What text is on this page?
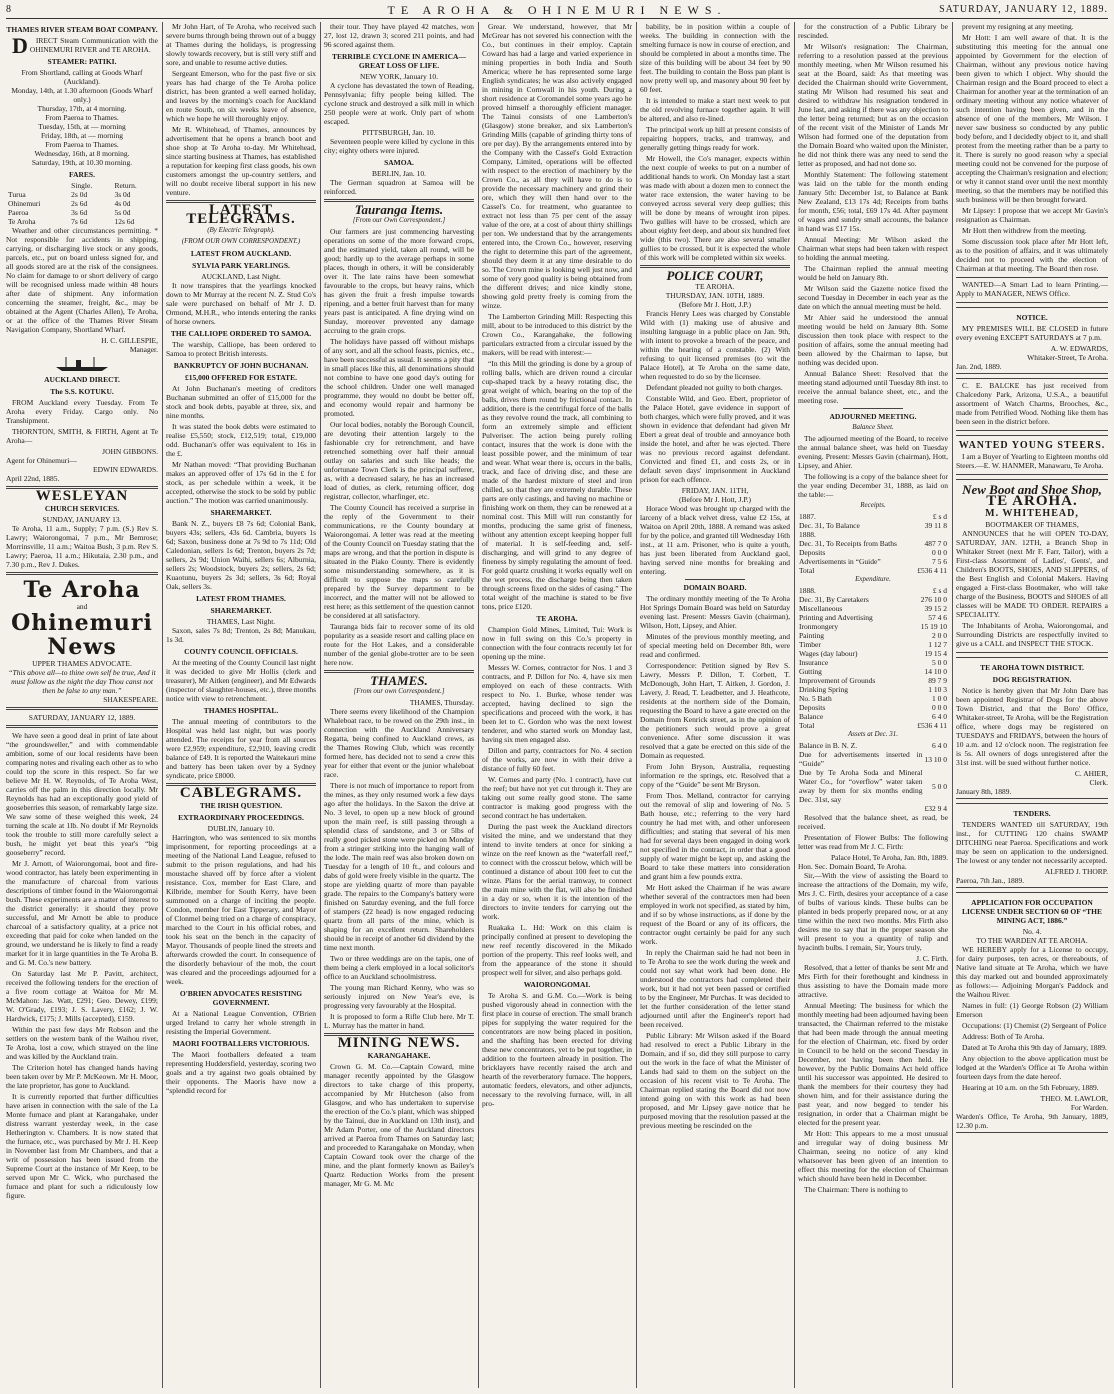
8	TE AROHA & OHINEMURI NEWS.	SATURDAY, JANUARY 12, 1889.
THAMES RIVER STEAM BOAT COMPANY.

D IRECT Steam Communication with the OHINEMURI RIVER and TE AROHA.

STEAMER: PATIKI.
From Shortland, calling at Goods Wharf (Auckland).
Monday, 14th, at 1.30 afternoon (Goods Wharf only.)
Thursday, 17th, at 4 morning.
From Paeroa to Thames.
Tuesday, 15th, at — morning
Friday, 18th, at — morning
From Paeroa to Thames.
Wednesday, 16th, at 8 morning.
Saturday, 19th, at 10.30 morning.
FARES.
	Single.	Return.
Turua	2s 0d	3s 0d
Ohinemuri	2s 6d	4s 0d
Paeroa	3s 6d	5s 0d
Te Aroha	7s 6d	12s 6d

Weather and other circumstances permitting. * Not responsible for accidents in shipping, carrying, or discharging live stock or any goods, parcels, etc., put on board unless signed for, and all goods stored are at the risk of the consignees. No claim for damage to or short delivery of cargo will be recognised unless made within 48 hours after date of shipment. Any information concerning the steamer, freight, &c., may be obtained at the Agent (Charles Allen), Te Aroha, or at the office of the Thames River Steam Navigation Company, Shortland Wharf.

H. C. GILLESPIE,
Manager.
AUCKLAND DIRECT.
The S.S. KOTUKU.

FROM Auckland every Tuesday. From Te Aroha every Friday. Cargo only. No Transhipment.

THORNTON, SMITH, & FIRTH, Agent at Te Aroha—

JOHN GIBBONS.
Agent for Ohinemuri—
EDWIN EDWARDS.
April 22nd, 1885.
WESLEYAN
CHURCH SERVICES.
SUNDAY, JANUARY 13.

Te Aroha, 11 a.m., Supply; 7 p.m. (S.) Rev S. Lawry; Waiorongomai, 7 p.m., Mr Bemrose; Morrinsville, 11 a.m.; Waitoa Bush, 3 p.m. Rev S. Lawry; Paeroa, 11 a.m.; Hikutaia, 2.30 p.m., and 7.30 p.m., Rev J. Dukes.

Te Aroha
and
Ohinemuri News
UPPER THAMES ADVOCATE.
“This above all—to thine own self be true, And it must follow as the night the day Thou canst not then be false to any man.”
SHAKESPEARE.
SATURDAY, JANUARY 12, 1889.

We have seen a good deal in print of late about “the groundsweller,” and with commendable ambition, some of our local residents have been comparing notes and rivaling each other as to who could top the score in this respect. So far we believe Mr H. W. Reynolds, of Te Aroha West, carries off the palm in this direction locally. Mr Reynolds has had an exceptionally good yield of gooseberries this season, of remarkably large size. We saw some of these weighed this week, 24 turning the scale at 1lb. No doubt if Mr Reynolds took the trouble to still more carefully select a bush, he might yet beat this year's “big gooseberry” record.

Mr J. Arnott, of Waiorongomai, boot and fire-wood contractor, has lately been experimenting in the manufacture of charcoal from various descriptions of timber found in the Waiorongomai bush. These experiments are a matter of interest to the district generally: it should they prove successful, and Mr Arnott be able to produce charcoal of a satisfactory quality, at a price not exceeding that paid for coke when landed on the ground, we understand he is likely to find a ready market for it in large quantities in the Te Aroha B. and G. M. Co.'s new battery.

On Saturday last Mr P. Pavitt, architect, received the following tenders for the erection of a five room cottage at Waitoa for Mr M. McMahon: Jas. Watt, £291; Geo. Dewey, £199; W. O'Grady, £193; J. S. Lavery, £162; J. W. Hardwick, £175; J. Mills (accepted), £159.

Within the past few days Mr Robson and the settlers on the western bank of the Waihou river, Te Aroha, lost a cow, which strayed on the line and was killed by the Auckland train.

The Criterion hotel has changed hands having been taken over by Mr P. McKeown. Mr H. Moor, the late proprietor, has gone to Auckland.

It is currently reported that further difficulties have arisen in connection with the sale of the La Monte furnace and plant at Karangahake, under distress warrant yesterday week, in the case Hetherington v. Chambers. It is now stated that the furnace, etc., was purchased by Mr J. H. Keep in November last from Mr Chambers, and that a writ of possession has been issued from the Supreme Court at the instance of Mr Keep, to be served upon Mr C. Wick, who purchased the furnace and plant for such a ridiculously low figure.

Mr John Hart, of Te Aroha, who received such severe burns through being thrown out of a buggy at Thames during the holidays, is progressing slowly towards recovery, but is still very stiff and sore, and unable to resume active duties.

Sergeant Emerson, who for the past five or six years has had charge of the Te Aroha police district, has been granted a well earned holiday, and leaves by the morning's coach for Auckland en route South, on six weeks leave of absence, which we hope he will thoroughly enjoy.

Mr R. Whitehead, of Thames, announces by advertisement that he opens a branch boot and shoe shop at Te Aroha to-day. Mr Whitehead, since starting business at Thames, has established a reputation for keeping first class goods, his own customers amongst the up-country settlers, and will no doubt receive liberal support in his new venture.

LATEST TELEGRAMS.
(By Electric Telegraph).
(FROM OUR OWN CORRESPONDENT.)
LATEST FROM AUCKLAND.
SYLVIA PARK YEARLINGS.
AUCKLAND, Last Night.

It now transpires that the yearlings knocked down to Mr Murray at the recent N. Z. Stud Co's sale were purchased on behalf of Mr J. D. Ormond, M.H.R., who intends entering the ranks of horse owners.

THE CALLIOPE ORDERED TO SAMOA.

The warship, Calliope, has been ordered to Samoa to protect British interests.

BANKRUPTCY OF JOHN BUCHANAN.
£15,000 OFFERED FOR ESTATE.

At John Buchanan's meeting of creditors Buchanan submitted an offer of £15,000 for the stock and book debts, payable at three, six, and nine months.

It was stated the book debts were estimated to realise £5,550; stock, £12,519; total, £19,000 odd. Buchanan's offer was equivalent to 16s in the £.

Mr Nathan moved: “That providing Buchanan makes an approved offer of 17s 6d in the £ for stock, as per schedule within a week, it be accepted, otherwise the stock to be sold by public auction.” The motion was carried unanimously.

SHAREMARKET.

Bank N. Z., buyers £8 7s 6d; Colonial Bank, buyers 43s; sellers, 43s 6d. Cambria, buyers 1s 6d; Saxon, business done at 7s 9d to 7s 11d; Old Caledonian, sellers 1s 6d; Trenton, buyers 2s 7d; sellers, 2s 9d; Union Waihi, sellers 6s; Alburnia, sellers 2s; Woodstock, buyers 2s; sellers, 2s 6d; Kuaotunu, buyers 2s 3d; sellers, 3s 6d; Royal Oak, sellers 3s.

LATEST FROM THAMES.
SHAREMARKET.
THAMES, Last Night.

Saxon, sales 7s 8d; Trenton, 2s 8d; Manukau, 1s 3d.

COUNTY COUNCIL OFFICIALS.

At the meeting of the County Council last night it was decided to give Mr Hollis (clerk and treasurer), Mr Aitken (engineer), and Mr Edwards (inspector of slaughter-houses, etc.), three months notice with view to retrenchment.

THAMES HOSPITAL.

The annual meeting of contributors to the Hospital was held last night, but was poorly attended. The receipts for year from all sources were £2,959; expenditure, £2,910, leaving credit balance of £49. It is reported the Waitekauri mine and battery has been taken over by a Sydney syndicate, price £8000.

CABLEGRAMS.
THE IRISH QUESTION.
EXTRAORDINARY PROCEEDINGS.
DUBLIN, January 10.

Harrington, who was sentenced to six months imprisonment, for reporting proceedings at a meeting of the National Land League, refused to submit to the prison regulations, and had his moustache shaved off by force after a violent resistance. Cox, member for East Clare, and Kilbride, member for South Kerry, have been summoned on a charge of inciting the people. Condon, member for East Tipperary, and Mayor of Clonmel being tried on a charge of conspiracy, marched to the Court in his official robes, and took his seat on the bench in the capacity of Mayor. Thousands of people lined the streets and afterwards crowded the court. In consequence of the disorderly behaviour of the mob, the court was cleared and the proceedings adjourned for a week.

O'BRIEN ADVOCATES RESISTING GOVERNMENT.

At a National League Convention, O'Brien urged Ireland to carry her whole strength in resisting the Imperial Government.

MAORI FOOTBALLERS VICTORIOUS.

The Maori footballers defeated a team representing Huddersfield, yesterday, scoring two goals and a try against two goals obtained by their opponents. The Maoris have now a “splendid record for

their tour. They have played 42 matches, won 27, lost 12, drawn 3; scored 211 points, and had 96 scored against them.

TERRIBLE CYCLONE IN AMERICA—GREAT LOSS OF LIFE.
NEW YORK, January 10.

A cyclone has devastated the town of Reading, Pennsylvania; fifty people being killed. The cyclone struck and destroyed a silk mill in which 250 people were at work. Only part of whom escaped.

PITTSBURGH, Jan. 10.

Seventeen people were killed by cyclone in this city; eighty others were injured.

SAMOA.
BERLIN, Jan. 10.

The German squadron at Samoa will be reinforced.

Tauranga Items.
[From our Own Correspondent.]

Our farmers are just commencing harvesting operations on some of the more forward crops, and the estimated yield, taken all round, will be good; hardly up to the average perhaps in some places, though in others, it will be considerably over it. The late rains have been somewhat favourable to the crops, but heavy rains, which has given the fruit a fresh impulse towards ripening, and a better fruit harvest than for many years past is anticipated. A fine drying wind on Sunday, moreover prevented any damage accruing to the grain crops.

The holidays have passed off without mishaps of any sort, and all the school feasts, picnics, etc., have been successful as usual. It seems a pity that in small places like this, all denominations should not combine to have one good day's outing for the school children. Under one well managed programme, they would no doubt be better off, and economy would repair and harmony be promoted.

Our local bodies, notably the Borough Council, are devoting their attention largely to the fashionable cry for retrenchment, and have retrenched something over half their annual outlay on salaries and such like heads; the unfortunate Town Clerk is the principal sufferer, as, with a decreased salary, he has an increased load of duties, as clerk, returning officer, dog registrar, collector, wharfinger, etc.

The County Council has received a surprise in the reply of the Government to their communications, re the County boundary at Waiorongomai. A letter was read at the meeting of the County Council on Tuesday stating that the maps are wrong, and that the portion in dispute is situated in the Piako County. There is evidently some misunderstanding somewhere, as it is difficult to suppose the maps so carefully prepared by the Survey department to be incorrect, and the matter will not be allowed to rest here; as this settlement of the question cannot be considered at all satisfactory.

Tauranga bids fair to recover some of its old popularity as a seaside resort and calling place en route for the Hot Lakes, and a considerable number of the genial globe-trotter are to be seen here now.

THAMES.
[From our own Correspondent.]
THAMES, Thursday.

There seems every likelihood of the Champion Whaleboat race, to be rowed on the 29th inst., in connection with the Auckland Anniversary Regatta, being confined to Auckland crews, as the Thames Rowing Club, which was recently formed here, has decided not to send a crew this year for either that event or the junior whaleboat race.

There is not much of importance to report from the mines, as they only resumed work a few days ago after the holidays. In the Saxon the drive at No. 3 level, to open up a new block of ground upon the main reef, is still passing through a splendid class of sandstone, and 3 or 5lbs of really good picked stone were picked on Monday from a stringer striking into the hanging wall of the lode. The main reef was also broken down on Tuesday for a length of 10 ft., and colours and dabs of gold were freely visible in the quartz. The stope are yielding quartz of more than payable grade. The repairs to the Company's battery were finished on Saturday evening, and the full force of stampers (22 head) is now engaged reducing quartz from all parts of the mine, which is shaping for an excellent return. Shareholders should be in receipt of another 6d dividend by the time next month.

Two or three weddings are on the tapis, one of them being a clerk employed in a local solicitor's office to an Auckland schoolmistress.

The young man Richard Kenny, who was so seriously injured on New Year's eve, is progressing very favourably at the Hospital.

It is proposed to form a Rifle Club here. Mr T. L. Murray has the matter in hand.

MINING NEWS.
KARANGAHAKE.

Crown G. M. Co.—Captain Coward, mine manager recently appointed by the Glasgow directors to take charge of this property, accompanied by Mr Hutcheson (also from Glasgow, and who has undertaken to supervise the erection of the Co.'s plant, which was shipped by the Tainui, due in Auckland on 13th inst), and Mr Adam Porter, one of the Auckland directors arrived at Paeroa from Thames on Saturday last; and proceeded to Karangahake on Monday, when Captain Coward took over the charge of the mine, and the plant formerly known as Bailey's Quartz Reduction Works from the present manager, Mr G. M. Mc

Grear. We understand, however, that Mr McGrear has not severed his connection with the Co., but continues in their employ. Captain Coward has had a large and varied experience in mining properties in both India and South America; where he has represented some large English syndicates; he was also actively engaged in mining in Cornwall in his youth. During a short residence at Coromandel some years ago he proved himself a thoroughly efficient manager. The Tainui consists of one Lamberton's (Glasgow) stone breaker, and six Lamberton's Grinding Mills (capable of grinding thirty tons of ore per day). By the arrangements entered into by the Company with the Cassel's Gold Extraction Company, Limited, operations will be effected with respect to the erection of machinery by the Crown Co., as all they will have to do is to provide the necessary machinery and grind their ore, which they will then hand over to the Cassel's Co. for treatment, who guarantee to extract not less than 75 per cent of the assay value of the ore, at a cost of about thirty shillings per ton. We understand that by the arrangements entered into, the Crown Co., however, reserving the right to determine this part of the agreement, should they deem it at any time desirable to do so. The Crown mine is looking well just now, and some of very good quality is being obtained from the different drives; and nice kindly stone, showing gold pretty freely is coming from the winze.

The Lamberton Grinding Mill: Respecting this mill, about to be introduced to this district by the Crown Co., Karangahake, the following particulars extracted from a circular issued by the makers, will be read with interest:—

“In this Mill the grinding is done by a group of rolling balls, which are driven round a circular cup-shaped track by a heavy rotating disc, the great weight of which, bearing on the top of the balls, drives them round by frictional contact. In addition, there is the centrifugal force of the balls as they revolve round the track, all combining to form an extremely simple and efficient Pulveriser. The action being purely rolling contact, insures that the work is done with the least possible power, and the minimum of tear and wear. What wear there is, occurs in the balls, track, and face of driving disc, and these are made of the hardest mixture of steel and iron chilled, so that they are extremely durable. These parts are only castings, and having no machine or finishing work on them, they can be renewed at a nominal cost. This Mill will run constantly for months, producing the same grist of fineness, without any attention except keeping hopper full of material. It is self-feeding and, self-discharging, and will grind to any degree of fineness by simply regulating the amount of feed. For gold quartz crushing it works equally well on the wet process, the discharge being then taken through screens fixed on the sides of casing.” The total weight of the machine is stated to be five tons, price £120.

TE AROHA.

Champion Gold Mines, Limited, Tui: Work is now in full swing on this Co.'s property in connection with the four contracts recently let for opening up the mine.

Messrs W. Cornes, contractor for Nos. 1 and 3 contracts, and P. Dillon for No. 4, have six men employed on each of these contracts. With respect to No. 1. Burke, whose tender was accepted, having declined to sign the specifications and proceed with the work, it has been let to C. Gordon who was the next lowest tenderer, and who started work on Monday last, having six men engaged also.

Dillon and party, contractors for No. 4 section of the works, are now in with their drive a distance of fully 60 feet.

W. Cornes and party (No. 1 contract), have cut the reef; but have not yet cut through it. They are taking out some really good stone. The same contractor is making good progress with the second contract he has undertaken.

During the past week the Auckland directors visited the mine, and we understand that they intend to invite tenders at once for sinking a winze on the reef known as the “waterfall reef,” to connect with the crosscut below, which will be continued a distance of about 100 feet to cut the winze. Plans for the aerial tramway, to connect the main mine with the flat, will also be finished in a day or so, when it is the intention of the directors to invite tenders for carrying out the work.

Ruakaka L. Hd: Work on this claim is principally confined at present to developing the new reef recently discovered in the Mikado portion of the property. This reef looks well, and from the appearance of the stone it should prospect well for silver, and also perhaps gold.

WAIORONGOMAI.

Te Aroha S. and G.M. Co.—Work is being pushed vigorously ahead in connection with the first place in course of erection. The small branch pipes for supplying the water required for the concentrators are now being placed in position, and the shafting has been erected for driving these new concentrators, yet to be put together, in addition to the fourteen already in position. The bricklayers have recently raised the arch and hearth of the reverberatory furnace. The hoppers, automatic feeders, elevators, and other adjuncts, necessary to the revolving furnace, will, in all pro-

bability, be in position within a couple of weeks. The building in connection with the smelting furnace is now in course of erection, and should be completed in about a months time. The size of this building will be about 34 feet by 90 feet. The building to contain the Boss pan plant is now pretty well up, and masonry about 90 feet by 60 feet.

It is intended to make a start next week to put the old revolving furnace together again. It will be altered, and also re-lined.

The principal work up hill at present consists of repairing hoppers, tracks, and tramway, and generally getting things ready for work.

Mr Howell, the Co's manager, expects within the next couple of weeks to put on a number of additional hands to work. On Monday last a start was made with about a dozen men to connect the water race extension, the water having to be conveyed across several very deep gullies; this will be done by means of wrought iron pipes. Two gullies will have to be crossed, which are about eighty feet deep, and about six hundred feet wide (this two). There are also several smaller gullies to be crossed, but it is expected the whole of this work will be completed within six weeks.

POLICE COURT,
TE AROHA.
THURSDAY, JAN. 10TH, 1889.
(Before Mr J. Hott, J.P.)

Francis Henry Lees was charged by Constable Wild with (1) making use of abusive and insulting language in a public place on Jan. 9th, with intent to provoke a breach of the peace, and within the hearing of a constable. (2) With refusing to quit licensed premises (to wit the Palace Hotel), at Te Aroha on the same date, when requested to do so by the licensee.

Defendant pleaded not guilty to both charges.

Constable Wild, and Geo. Ebert, proprietor of the Palace Hotel, gave evidence in support of both charges, which were fully proved, and it was shown in evidence that defendant had given Mr Ebert a great deal of trouble and annoyance both inside the hotel, and after he was ejected. There was no previous record against defendant. Convicted and fined £1, and costs 2s, or in default seven days' imprisonment in Auckland prison for each offence.

FRIDAY, JAN. 11TH,
(Before Mr J. Hott, J.P.)

Horace Wood was brought up charged with the larceny of a black velvet dress, value £2 15s, at Waitoa on April 20th, 1888. A remand was asked for by the police, and granted till Wednesday 16th inst., at 11 a.m. Prisoner, who is quite a youth, has just been liberated from Auckland gaol, having served nine months for breaking and entering.

DOMAIN BOARD.

The ordinary monthly meeting of the Te Aroha Hot Springs Domain Board was held on Saturday evening last. Present: Messrs Gavin (chairman), Wilson, Hott, Lipsey, and Ahier.

Minutes of the previous monthly meeting, and of special meeting held on December 8th, were read and confirmed.

Correspondence: Petition signed by Rev S. Lawry, Messrs P. Dillon, T. Corbett, T. McDonough, John Hart, T. Aitken, J. Gordon, J. Lavery, J. Read, T. Leadbetter, and J. Heathcote, residents at the northern side of the Domain, requesting the Board to have a gate erected on the Domain from Kenrick street, as in the opinion of the petitioners such would prove a great convenience. After some discussion it was resolved that a gate be erected on this side of the Domain as requested.

From John Bryson, Australia, requesting information re the springs, etc. Resolved that a copy of the “Guide” be sent Mr Bryson.

From Thos. Melland, contractor for carrying out the removal of slip and lowering of No. 5 Bath house, etc.; referring to the very hard country he had met with, and other unforeseen difficulties; and stating that several of his men had for several days been engaged in doing work not specified in the contract, in order that a good supply of water might be kept up, and asking the Board to take these matters into consideration and grant him a few pounds extra.

Mr Hott asked the Chairman if he was aware whether several of the contractors men had been employed in work not specified, as stated by him, and if so by whose instructions, as if done by the request of the Board or any of its officers, the contractor ought certainly be paid for any such work.

In reply the Chairman said he had not been in to Te Aroha to see the work during the week and could not say what work had been done. He understood the contractors had completed their work, but it had not yet been passed or certified to by the Engineer, Mr Purchas. It was decided to let the further consideration of the letter stand adjourned until after the Engineer's report had been received.

Public Library: Mr Wilson asked if the Board had resolved to erect a Public Library in the Domain, and if so, did they still purpose to carry out the work in the face of what the Minister of Lands had said to them on the subject on the occasion of his recent visit to Te Aroha. The Chairman replied stating the Board did not now intend going on with this work as had been proposed, and Mr Lipsey gave notice that he purposed moving that the resolution passed at the previous meeting be rescinded on the

for the construction of a Public Library be rescinded.

Mr Wilson's resignation: The Chairman, referring to a resolution passed at the previous monthly meeting, when Mr Wilson resumed his seat at the Board, said: As that meeting was decided the Chairman should write Government, stating Mr Wilson had resumed his seat and desired to withdraw his resignation tendered in June last, and asking if there was any objection to the letter being returned; but as on the occasion of the recent visit of the Minister of Lands Mr Wilson had formed one of the deputation from the Domain Board who waited upon the Minister, he did not think there was any need to send the letter as proposed, and had not done so.

Monthly Statement: The following statement was laid on the table for the month ending January 5th: December 1st, to Balance at Bank New Zealand, £13 17s 4d; Receipts from baths for month, £56; total, £69 17s 4d. After payment of wages and sundry small accounts, the balance in hand was £17 15s.

Annual Meeting: Mr Wilson asked the Chairman what steps had been taken with respect to holding the annual meeting.

The Chairman replied the annual meeting would be held on January 8th.

Mr Wilson said the Gazette notice fixed the second Tuesday in December in each year as the date on which the annual meeting must be held.

Mr Ahier said he understood the annual meeting would be held on January 8th. Some discussion then took place with respect to the position of affairs, some the annual meeting had been allowed by the Chairman to lapse, but nothing was decided upon.

Annual Balance Sheet: Resolved that the meeting stand adjourned until Tuesday 8th inst. to receive the annual balance sheet, etc., and the meeting rose.

ADJOURNED MEETING.
Balance Sheet.

The adjourned meeting of the Board, to receive the annual balance sheet, was held on Tuesday evening. Present: Messrs Gavin (chairman), Hott, Lipsey, and Ahier.

The following is a copy of the balance sheet for the year ending December 31, 1888, as laid on the table:—

Receipts.
1887.	£ s d
Dec. 31, To Balance	39 11 8
1888.	
Dec. 31, To Receipts from Baths	487 7 0
Deposits	0 0 0
Advertisements in “Guide”	7 5 6
Total	£536 4 11
Expenditure.
1888.	£ s d
Dec. 31, By Caretakers	276 10 0
Miscellaneous	39 15 2
Printing and Advertising	57 4 6
Ironmongery	15 19 10
Painting	2 0 0
Timber	1 12 7
Wages (day labour)	19 15 4
Insurance	5 0 0
Gutting	14 10 0
Improvement of Grounds	89 7 9
Drinking Spring	1 10 3
No. 5 Bath	1 0 0
Deposits	0 0 0
Balance	6 4 0
Total	£536 4 11
Assets at Dec. 31.
Balance in B. N. Z.	6 4 0
Due for advertisements inserted in “Guide”	13 10 0
Due by Te Aroha Soda and Mineral Water Co., for “overflow” water taken away by them for six months ending Dec. 31st, say	5 0 0
	£32 9 4

Resolved that the balance sheet, as read, be received.

Presentation of Flower Bulbs: The following letter was read from Mr J. C. Firth:

Palace Hotel, Te Aroha, Jan. 8th, 1889.
Hon. Sec. Domain Board, Te Aroha.

Sir,—With the view of assisting the Board to increase the attractions of the Domain, my wife, Mrs J. C. Firth, desires your acceptance of a case of bulbs of various kinds. These bulbs can be planted in beds properly prepared now, or at any time within the next two months. Mrs Firth also desires me to say that in the proper season she will present to you a quantity of tulip and hyacinth bulbs. I remain, Sir, Yours truly,

J. C. Firth.

Resolved, that a letter of thanks be sent Mr and Mrs Firth for their forethought and kindness in thus assisting to have the Domain made more attractive.

Annual Meeting: The business for which the monthly meeting had been adjourned having been transacted, the Chairman referred to the mistake that had been made through the annual meeting for the election of Chairman, etc. fixed by order in Council to be held on the second Tuesday in December, not having been then held. He however, by the Public Domains Act held office until his successor was appointed. He desired to thank the members for their courtesy they had shown him, and for their assistance during the past year, and now begged to tender his resignation, in order that a Chairman might be elected for the present year.

Mr Hott: This appears to me a most unusual and irregular way of doing business Mr Chairman, seeing no notice of any kind whatsoever has been given of an intention to effect this meeting for the election of Chairman which should have been held in December.

The Chairman: There is nothing to

prevent my resigning at any meeting.

Mr Hott: I am well aware of that. It is the substituting this meeting for the annual one appointed by Government for the election of Chairman, without any previous notice having been given to which I object. Why should the Chairman resign and the Board proceed to elect a Chairman for another year at the termination of an ordinary meeting without any notice whatever of such intention having been given, and in the absence of one of the members, Mr Wilson. I never saw business so conducted by any public body before, and I decidedly object to it, and shall protest from the meeting rather than be a party to it. There is surely no good reason why a special meeting could not be convened for the purpose of accepting the Chairman's resignation and election; or why it cannot stand over until the next monthly meeting, so that the members may be notified this such business will be then brought forward.

Mr Lipsey: I propose that we accept Mr Gavin's resignation as Chairman.

Mr Hott then withdrew from the meeting.

Some discussion took place after Mr Hott left, as to the position of affairs, and it was ultimately decided not to proceed with the election of Chairman at that meeting. The Board then rose.

WANTED—A Smart Lad to learn Printing.—Apply to MANAGER, NEWS Office.

NOTICE.

MY PREMISES WILL BE CLOSED in future every evening EXCEPT SATURDAYS at 7 p.m.

A. W. EDWARDS,
Whitaker-Street, Te Aroha.
Jan. 2nd, 1889.

C. E. BALCKE has just received from Chalcedony Park, Arizona, U.S.A., a beautiful assortment of Watch Charms, Brooches, &c., made from Petrified Wood. Nothing like them has been seen in the district before.

WANTED YOUNG STEERS.

I am a Buyer of Yearling to Eighteen months old Steers.—E. W. HANMER, Manawaru, Te Aroha.

New Boot and Shoe Shop,
TE AROHA.
M. WHITEHEAD,
BOOTMAKER OF THAMES,

ANNOUNCES that he will OPEN TO-DAY, SATURDAY, JAN. 12TH, a Branch Shop in Whitaker Street (next Mr F. Farr, Tailor), with a First-class Assortment of Ladies', Gents', and Children's BOOTS, SHOES, AND SLIPPERS, of the Best English and Colonial Makers. Having engaged a First-class Bootmaker, who will take charge of the Business, BOOTS and SHOES of all classes will be MADE TO ORDER. REPAIRS a SPECIALITY.

The Inhabitants of Aroha, Waiorongomai, and Surrounding Districts are respectfully invited to give us a CALL and INSPECT THE STOCK.

TE AROHA TOWN DISTRICT.
DOG REGISTRATION.

Notice is hereby given that Mr John Dare has been appointed Registrar of Dogs for the above Town District, and that the Boro' Office, Whitaker-street, Te Aroha, will be the Registration office, where dogs may be registered on TUESDAYS and FRIDAYS, between the hours of 10 a.m. and 12 o'clock noon. The registration fee is 5s. All owners of dogs unregistered after the 31st inst. will be sued without further notice.

C. AHIER,
Clerk.
January 8th, 1889.
TENDERS.

TENDERS WANTED till SATURDAY, 19th inst., for CUTTING 120 chains SWAMP DITCHING near Paeroa. Specifications and work may be seen on application to the undersigned. The lowest or any tender not necessarily accepted.

ALFRED J. THORP.
Paeroa, 7th Jan., 1889.
APPLICATION FOR OCCUPATION LICENSE UNDER SECTION 60 OF “THE MINING ACT, 1886.”
No. 4.
TO THE WARDEN AT TE AROHA.

WE HEREBY apply for a License to occupy, for dairy purposes, ten acres, or thereabouts, of Native land situate at Te Aroha, which we have this day marked out and bounded approximately as follows:— Adjoining Morgan's Paddock and the Waihou River.

Names in full: (1) George Robson (2) William Emerson

Occupations: (1) Chemist (2) Sergeant of Police

Address: Both of Te Aroha.

Dated at Te Aroha this 9th day of January, 1889.

Any objection to the above application must be lodged at the Warden's Office at Te Aroha within fourteen days from the date hereof.

Hearing at 10 a.m. on the 5th February, 1889.

THEO. M. LAWLOR,
For Warden.
Warden's Office, Te Aroha, 9th January, 1889, 12.30 p.m.
